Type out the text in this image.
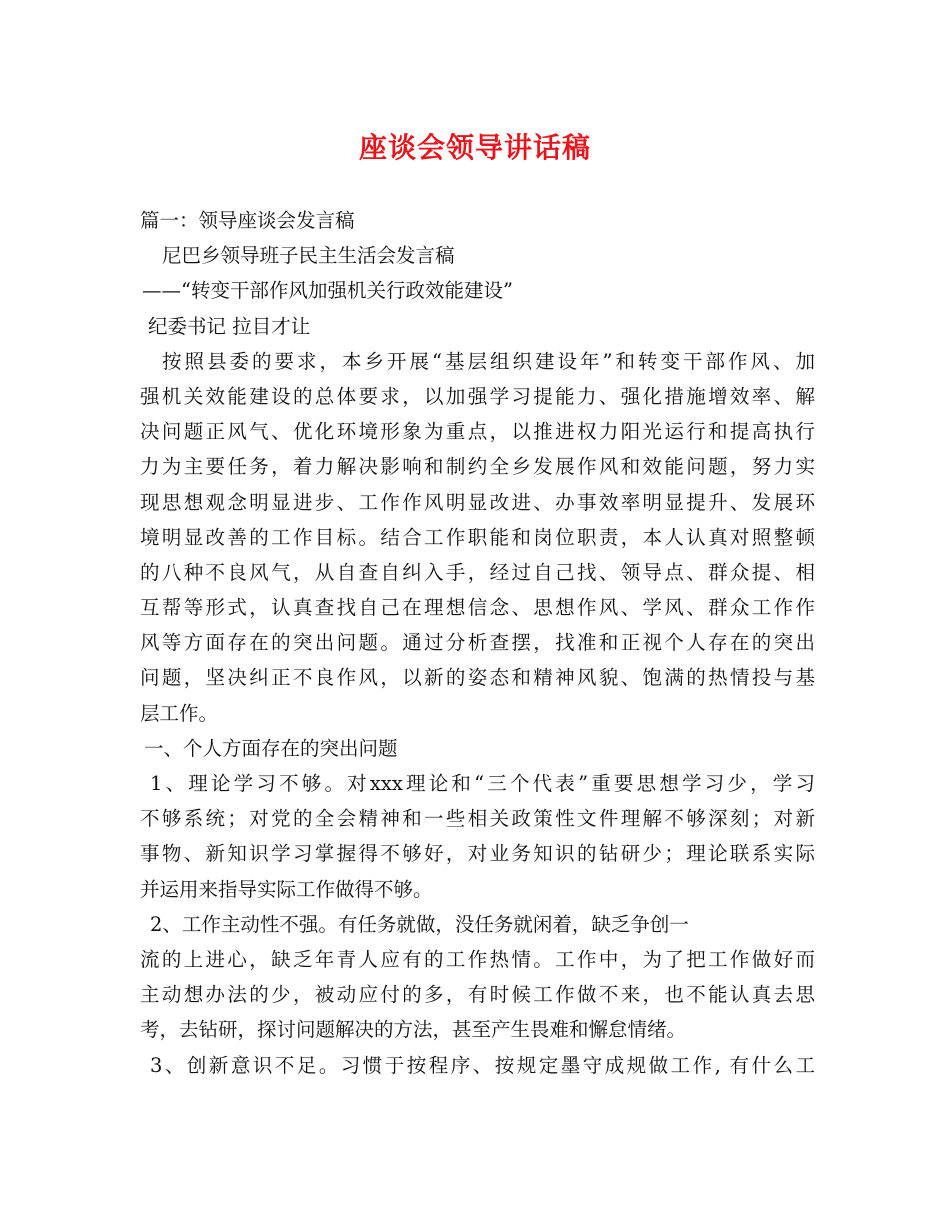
座谈会领导讲话稿
篇一：领导座谈会发言稿
尼巴乡领导班子民主生活会发言稿
——“转变干部作风加强机关行政效能建设”
纪委书记 拉目才让
按照县委的要求，本乡开展“基层组织建设年”和转变干部作风、加
强机关效能建设的总体要求，以加强学习提能力、强化措施增效率、解
决问题正风气、优化环境形象为重点，以推进权力阳光运行和提高执行
力为主要任务，着力解决影响和制约全乡发展作风和效能问题，努力实
现思想观念明显进步、工作作风明显改进、办事效率明显提升、发展环
境明显改善的工作目标。结合工作职能和岗位职责，本人认真对照整顿
的八种不良风气，从自查自纠入手，经过自己找、领导点、群众提、相
互帮等形式，认真查找自己在理想信念、思想作风、学风、群众工作作
风等方面存在的突出问题。通过分析查摆，找准和正视个人存在的突出
问题，坚决纠正不良作风，以新的姿态和精神风貌、饱满的热情投与基
层工作。
一、个人方面存在的突出问题
1、理论学习不够。对xxx理论和“三个代表”重要思想学习少，学习
不够系统；对党的全会精神和一些相关政策性文件理解不够深刻；对新
事物、新知识学习掌握得不够好，对业务知识的钻研少；理论联系实际
并运用来指导实际工作做得不够。
2、工作主动性不强。有任务就做，没任务就闲着，缺乏争创一
流的上进心，缺乏年青人应有的工作热情。工作中，为了把工作做好而
主动想办法的少，被动应付的多，有时候工作做不来，也不能认真去思
考，去钻研，探讨问题解决的方法，甚至产生畏难和懈怠情绪。
3、创新意识不足。习惯于按程序、按规定墨守成规做工作, 有什么工
